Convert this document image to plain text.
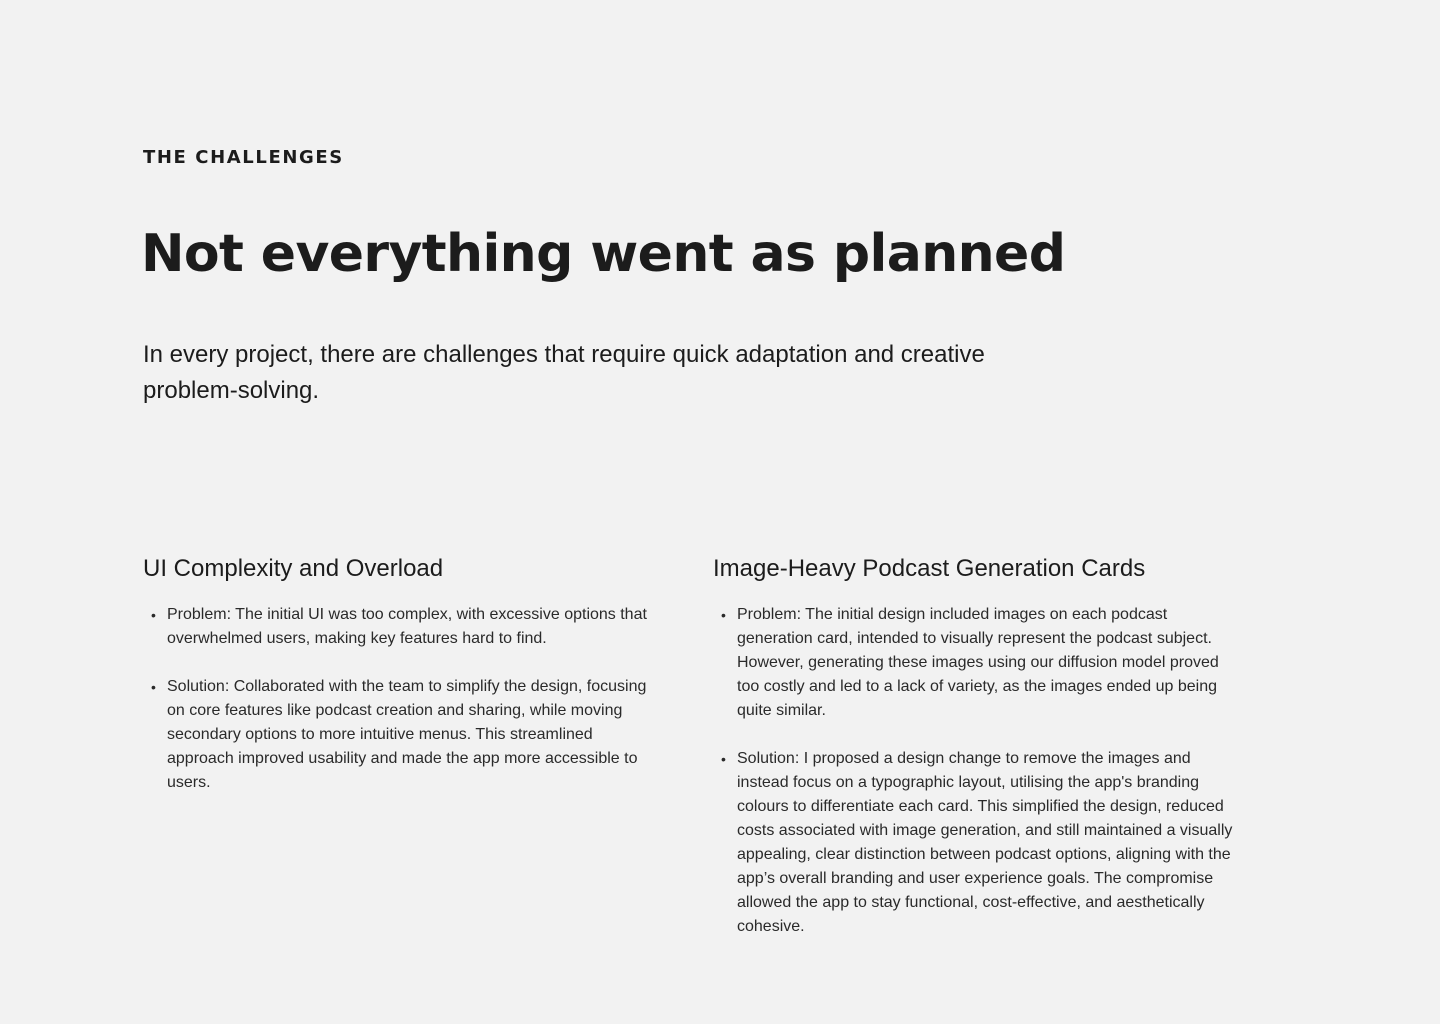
THE CHALLENGES

Not everything went as planned

In every project, there are challenges that require quick adaptation and creative problem-solving.

UI Complexity and Overload
• Problem: The initial UI was too complex, with excessive options that overwhelmed users, making key features hard to find.
• Solution: Collaborated with the team to simplify the design, focusing on core features like podcast creation and sharing, while moving secondary options to more intuitive menus. This streamlined approach improved usability and made the app more accessible to users.
Image-Heavy Podcast Generation Cards
• Problem: The initial design included images on each podcast generation card, intended to visually represent the podcast subject. However, generating these images using our diffusion model proved too costly and led to a lack of variety, as the images ended up being quite similar.
• Solution: I proposed a design change to remove the images and instead focus on a typographic layout, utilising the app's branding colours to differentiate each card. This simplified the design, reduced costs associated with image generation, and still maintained a visually appealing, clear distinction between podcast options, aligning with the app’s overall branding and user experience goals. The compromise allowed the app to stay functional, cost-effective, and aesthetically cohesive.
